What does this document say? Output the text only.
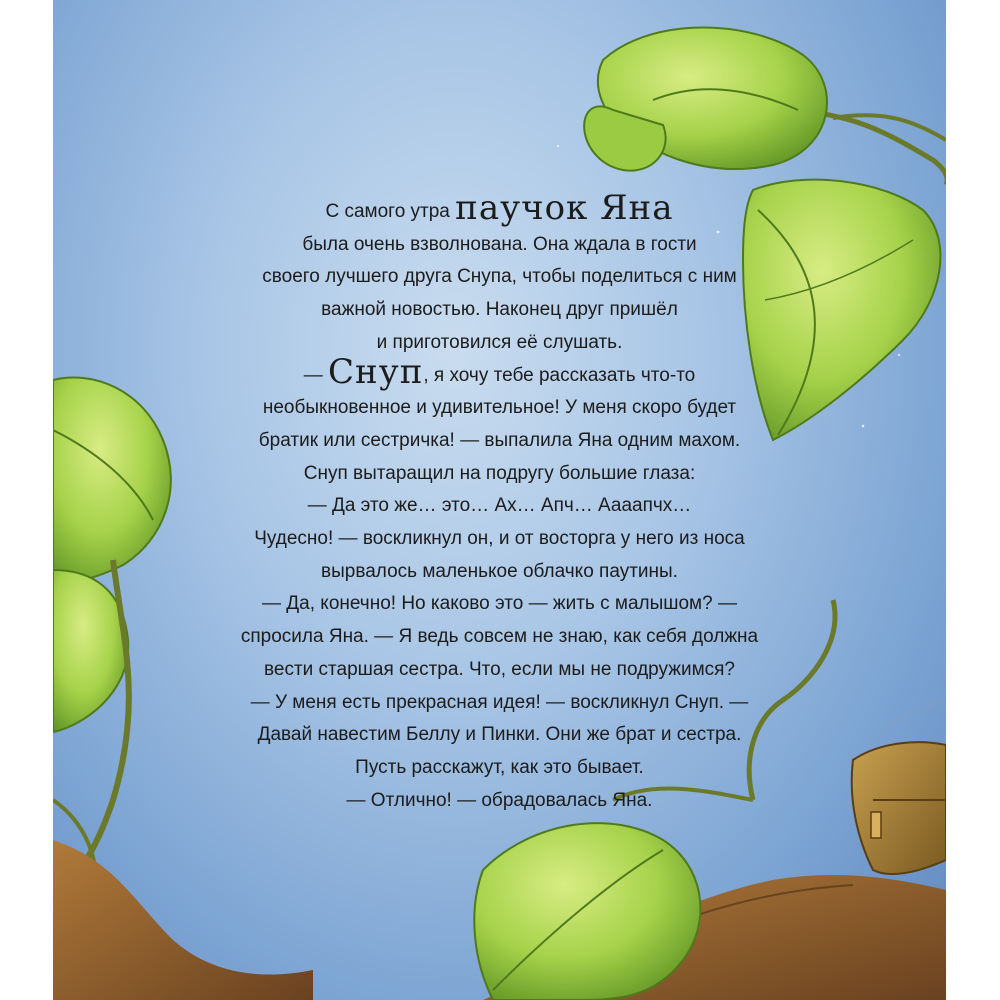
С самого утра паучок Яна
была очень взволнована. Она ждала в гости
своего лучшего друга Снупа, чтобы поделиться с ним
важной новостью. Наконец друг пришёл
и приготовился её слушать.
— Снуп, я хочу тебе рассказать что-то
необыкновенное и удивительное! У меня скоро будет
братик или сестричка! — выпалила Яна одним махом.
Снуп вытаращил на подругу большие глаза:
— Да это же… это… Ах… Апч… Аааапчх…
Чудесно! — воскликнул он, и от восторга у него из носа
вырвалось маленькое облачко паутины.
— Да, конечно! Но каково это — жить с малышом? —
спросила Яна. — Я ведь совсем не знаю, как себя должна
вести старшая сестра. Что, если мы не подружимся?
— У меня есть прекрасная идея! — воскликнул Снуп. —
Давай навестим Беллу и Пинки. Они же брат и сестра.
Пусть расскажут, как это бывает.
— Отлично! — обрадовалась Яна.
